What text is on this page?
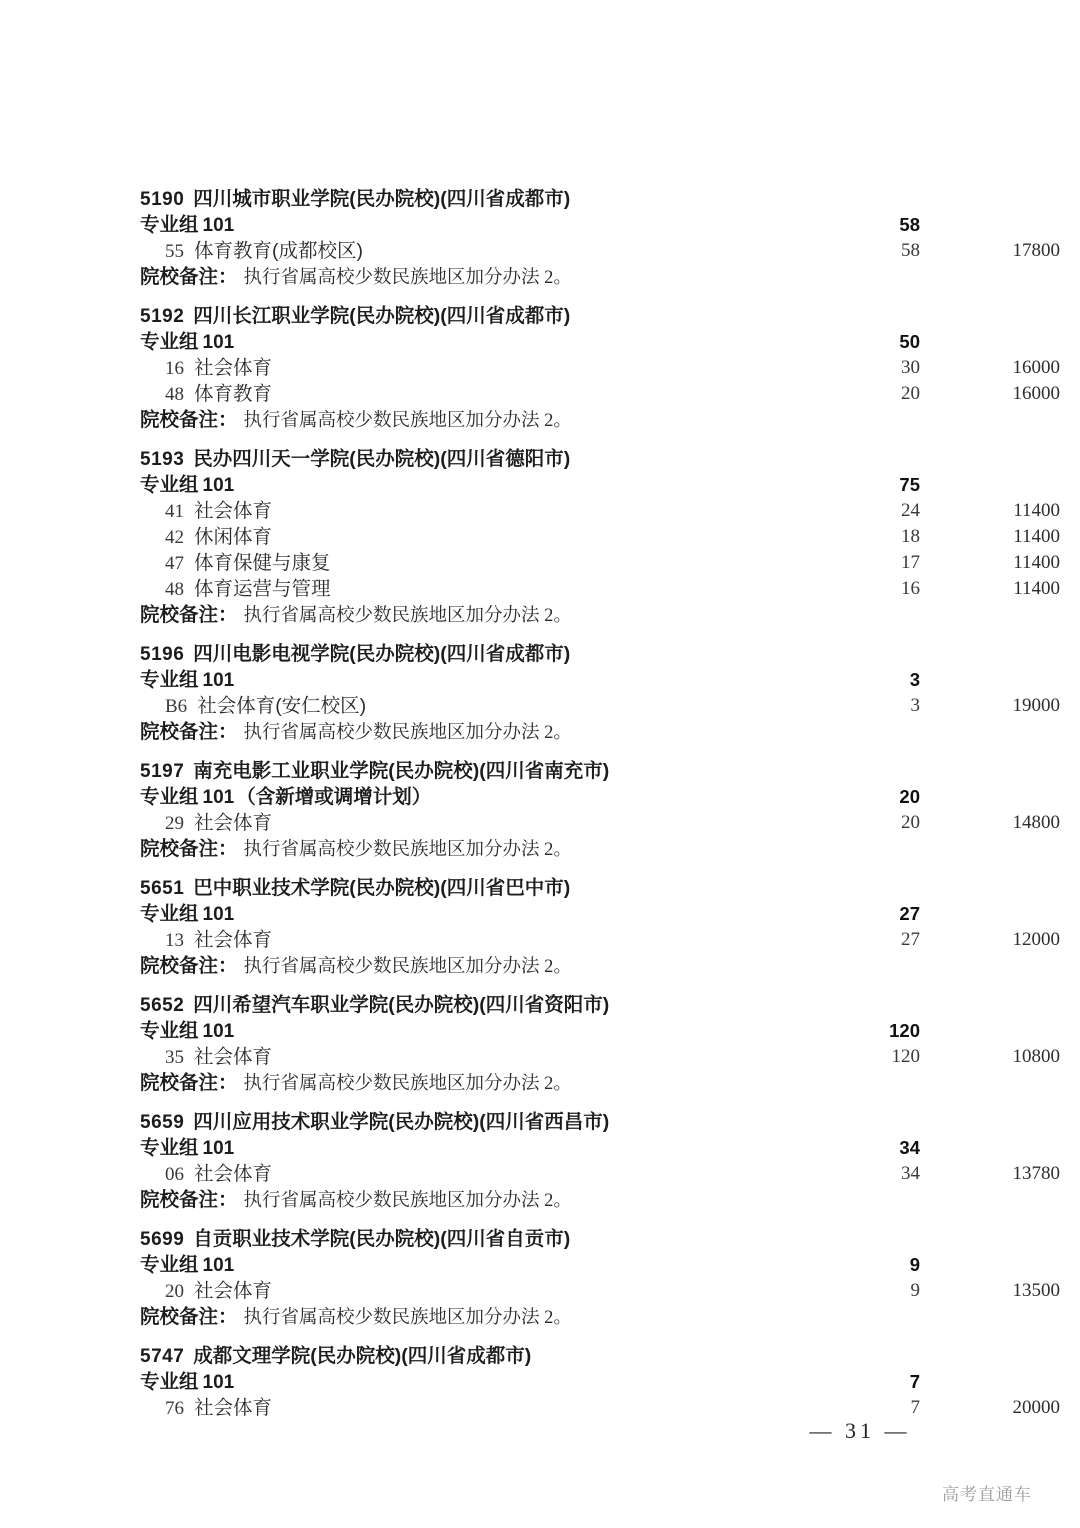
5190 四川城市职业学院(民办院校)(四川省成都市)
专业组 101	58
55 体育教育(成都校区)	58	17800
院校备注： 执行省属高校少数民族地区加分办法 2。
5192 四川长江职业学院(民办院校)(四川省成都市)
专业组 101	50
16 社会体育	30	16000
48 体育教育	20	16000
院校备注： 执行省属高校少数民族地区加分办法 2。
5193 民办四川天一学院(民办院校)(四川省德阳市)
专业组 101	75
41 社会体育	24	11400
42 休闲体育	18	11400
47 体育保健与康复	17	11400
48 体育运营与管理	16	11400
院校备注： 执行省属高校少数民族地区加分办法 2。
5196 四川电影电视学院(民办院校)(四川省成都市)
专业组 101	3
B6 社会体育(安仁校区)	3	19000
院校备注： 执行省属高校少数民族地区加分办法 2。
5197 南充电影工业职业学院(民办院校)(四川省南充市)
专业组 101 （含新增或调增计划）	20
29 社会体育	20	14800
院校备注： 执行省属高校少数民族地区加分办法 2。
5651 巴中职业技术学院(民办院校)(四川省巴中市)
专业组 101	27
13 社会体育	27	12000
院校备注： 执行省属高校少数民族地区加分办法 2。
5652 四川希望汽车职业学院(民办院校)(四川省资阳市)
专业组 101	120
35 社会体育	120	10800
院校备注： 执行省属高校少数民族地区加分办法 2。
5659 四川应用技术职业学院(民办院校)(四川省西昌市)
专业组 101	34
06 社会体育	34	13780
院校备注： 执行省属高校少数民族地区加分办法 2。
5699 自贡职业技术学院(民办院校)(四川省自贡市)
专业组 101	9
20 社会体育	9	13500
院校备注： 执行省属高校少数民族地区加分办法 2。
5747 成都文理学院(民办院校)(四川省成都市)
专业组 101	7
76 社会体育	7	20000
— 31 —
高考直通车
